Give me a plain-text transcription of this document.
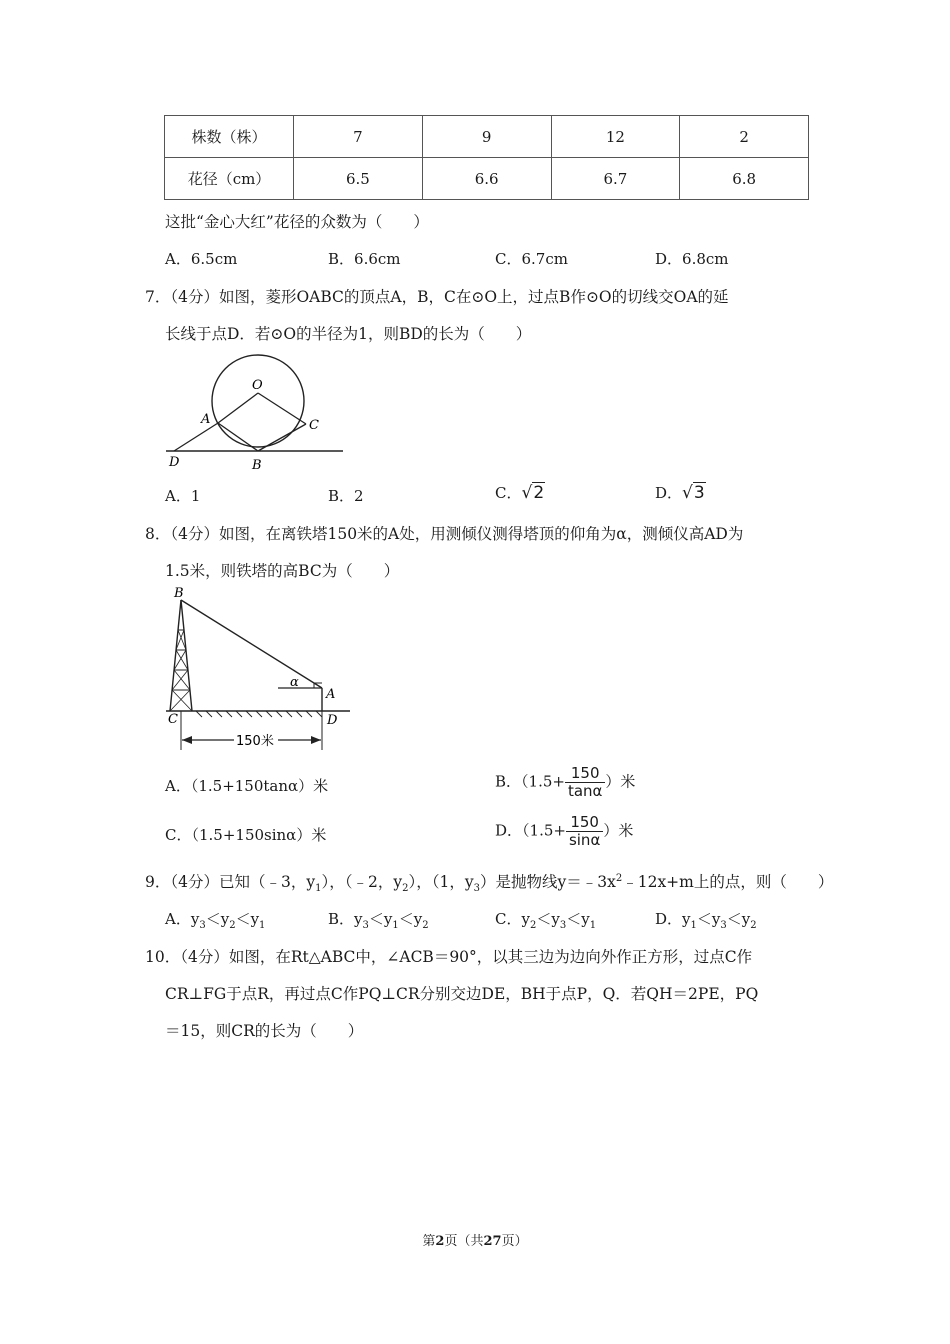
株数（株）	7	9	12	2
花径（cm）	6.5	6.6	6.7	6.8
这批“金心大红”花径的众数为（　　）
A．6.5cm	B．6.6cm	C．6.7cm	D．6.8cm
7．（4分）如图，菱形OABC的顶点A，B，C在⊙O上，过点B作⊙O的切线交OA的延
长线于点D．若⊙O的半径为1，则BD的长为（　　）
O
A	C
D	B
A．1	B．2	C．√2	D．√3
8．（4分）如图，在离铁塔150米的A处，用测倾仪测得塔顶的仰角为α，测倾仪高AD为
1.5米，则铁塔的高BC为（　　）
150米
B
C
A
D
α
A．（1.5+150tanα）米	B．（$1.5+ \frac{150}{\tan\alpha}$ ）米
C．（1.5+150sinα）米	D．（$1.5+ \frac{150}{\sin\alpha}$ ）米
9．（4分）已知（﹣3，$y_1$），（﹣2，$y_2$），（1，$y_3$）是抛物线$y=﹣3x^2﹣12x+m$上的点，则（　　）
A．$y_3<y_2<y_1$	B．$y_3<y_1<y_2$	C．$y_2<y_3<y_1$	D．$y_1<y_3<y_2$
10．（4分）如图，在Rt△ABC中，∠ACB＝90°，以其三边为边向外作正方形，过点C作
CR⊥FG于点R，再过点C作PQ⊥CR分别交边DE，BH于点P，Q．若QH＝2PE，PQ
＝15，则CR的长为（　　）
第2页（共27页）
